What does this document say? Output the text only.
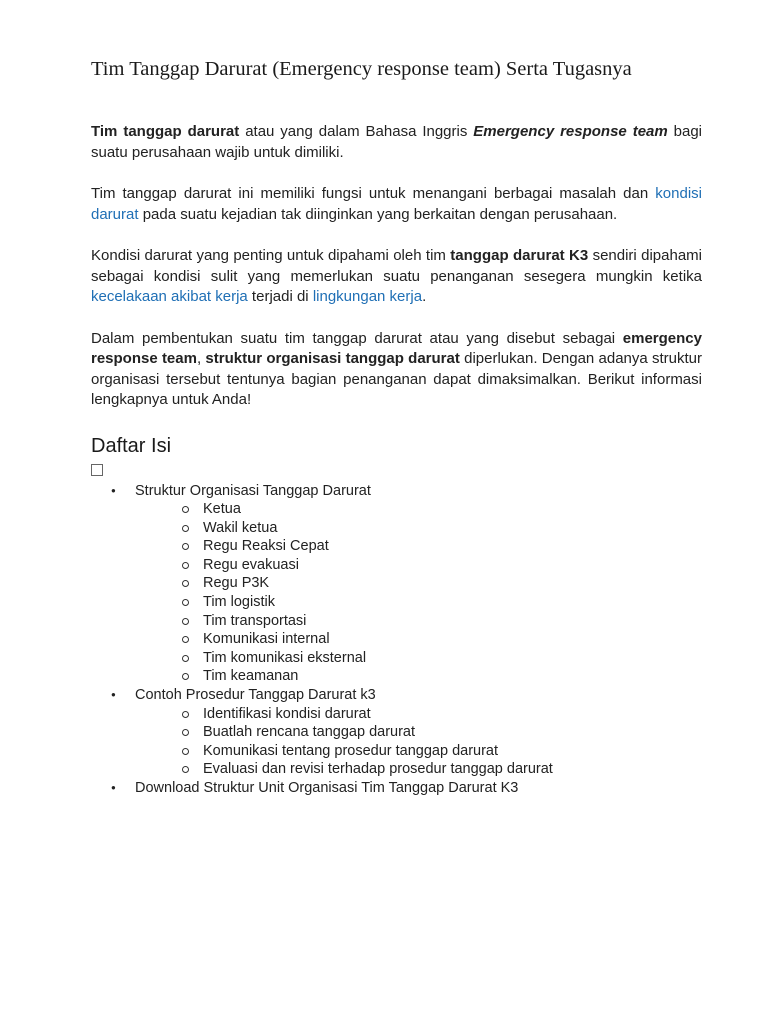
Tim Tanggap Darurat (Emergency response team) Serta Tugasnya

Tim tanggap darurat atau yang dalam Bahasa Inggris Emergency response team bagi suatu perusahaan wajib untuk dimiliki.

Tim tanggap darurat ini memiliki fungsi untuk menangani berbagai masalah dan kondisi darurat pada suatu kejadian tak diinginkan yang berkaitan dengan perusahaan.

Kondisi darurat yang penting untuk dipahami oleh tim tanggap darurat K3 sendiri dipahami sebagai kondisi sulit yang memerlukan suatu penanganan sesegera mungkin ketika kecelakaan akibat kerja terjadi di lingkungan kerja.

Dalam pembentukan suatu tim tanggap darurat atau yang disebut sebagai emergency response team, struktur organisasi tanggap darurat diperlukan. Dengan adanya struktur organisasi tersebut tentunya bagian penanganan dapat dimaksimalkan. Berikut informasi lengkapnya untuk Anda!

Daftar Isi
● Struktur Organisasi Tanggap Darurat
Ketua
Wakil ketua
Regu Reaksi Cepat
Regu evakuasi
Regu P3K
Tim logistik
Tim transportasi
Komunikasi internal
Tim komunikasi eksternal
Tim keamanan
● Contoh Prosedur Tanggap Darurat k3
Identifikasi kondisi darurat
Buatlah rencana tanggap darurat
Komunikasi tentang prosedur tanggap darurat
Evaluasi dan revisi terhadap prosedur tanggap darurat
● Download Struktur Unit Organisasi Tim Tanggap Darurat K3
